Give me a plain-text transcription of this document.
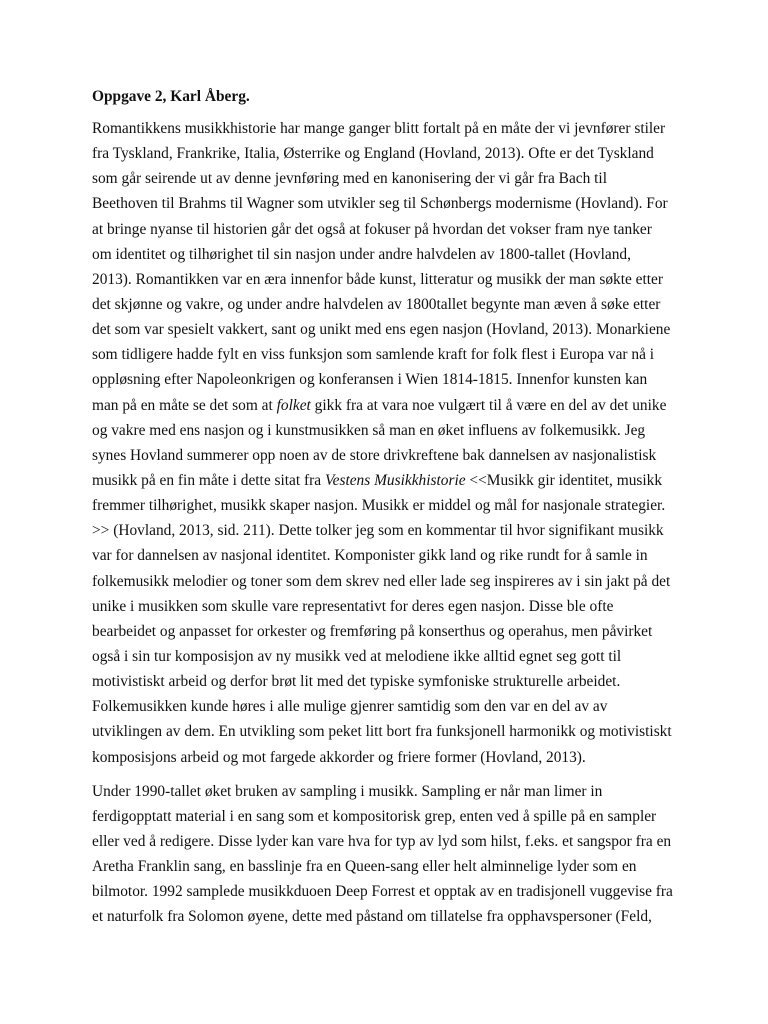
Oppgave 2, Karl Åberg.
Romantikkens musikkhistorie har mange ganger blitt fortalt på en måte der vi jevnfører stiler
fra Tyskland, Frankrike, Italia, Østerrike og England (Hovland, 2013). Ofte er det Tyskland
som går seirende ut av denne jevnføring med en kanonisering der vi går fra Bach til
Beethoven til Brahms til Wagner som utvikler seg til Schønbergs modernisme (Hovland). For
at bringe nyanse til historien går det også at fokuser på hvordan det vokser fram nye tanker
om identitet og tilhørighet til sin nasjon under andre halvdelen av 1800-tallet (Hovland,
2013). Romantikken var en æra innenfor både kunst, litteratur og musikk der man søkte etter
det skjønne og vakre, og under andre halvdelen av 1800tallet begynte man æven å søke etter
det som var spesielt vakkert, sant og unikt med ens egen nasjon (Hovland, 2013). Monarkiene
som tidligere hadde fylt en viss funksjon som samlende kraft for folk flest i Europa var nå i
oppløsning efter Napoleonkrigen og konferansen i Wien 1814-1815. Innenfor kunsten kan
man på en måte se det som at folket gikk fra at vara noe vulgært til å være en del av det unike
og vakre med ens nasjon og i kunstmusikken så man en øket influens av folkemusikk. Jeg
synes Hovland summerer opp noen av de store drivkreftene bak dannelsen av nasjonalistisk
musikk på en fin måte i dette sitat fra Vestens Musikkhistorie <<Musikk gir identitet, musikk
fremmer tilhørighet, musikk skaper nasjon. Musikk er middel og mål for nasjonale strategier.
>> (Hovland, 2013, sid. 211). Dette tolker jeg som en kommentar til hvor signifikant musikk
var for dannelsen av nasjonal identitet. Komponister gikk land og rike rundt for å samle in
folkemusikk melodier og toner som dem skrev ned eller lade seg inspireres av i sin jakt på det
unike i musikken som skulle vare representativt for deres egen nasjon. Disse ble ofte
bearbeidet og anpasset for orkester og fremføring på konserthus og operahus, men påvirket
også i sin tur komposisjon av ny musikk ved at melodiene ikke alltid egnet seg gott til
motivistiskt arbeid og derfor brøt lit med det typiske symfoniske strukturelle arbeidet.
Folkemusikken kunde høres i alle mulige gjenrer samtidig som den var en del av av
utviklingen av dem. En utvikling som peket litt bort fra funksjonell harmonikk og motivistiskt
komposisjons arbeid og mot fargede akkorder og friere former (Hovland, 2013).
Under 1990-tallet øket bruken av sampling i musikk. Sampling er når man limer in
ferdigopptatt material i en sang som et kompositorisk grep, enten ved å spille på en sampler
eller ved å redigere. Disse lyder kan vare hva for typ av lyd som hilst, f.eks. et sangspor fra en
Aretha Franklin sang, en basslinje fra en Queen-sang eller helt alminnelige lyder som en
bilmotor. 1992 samplede musikkduoen Deep Forrest et opptak av en tradisjonell vuggevise fra
et naturfolk fra Solomon øyene, dette med påstand om tillatelse fra opphavspersoner (Feld,
